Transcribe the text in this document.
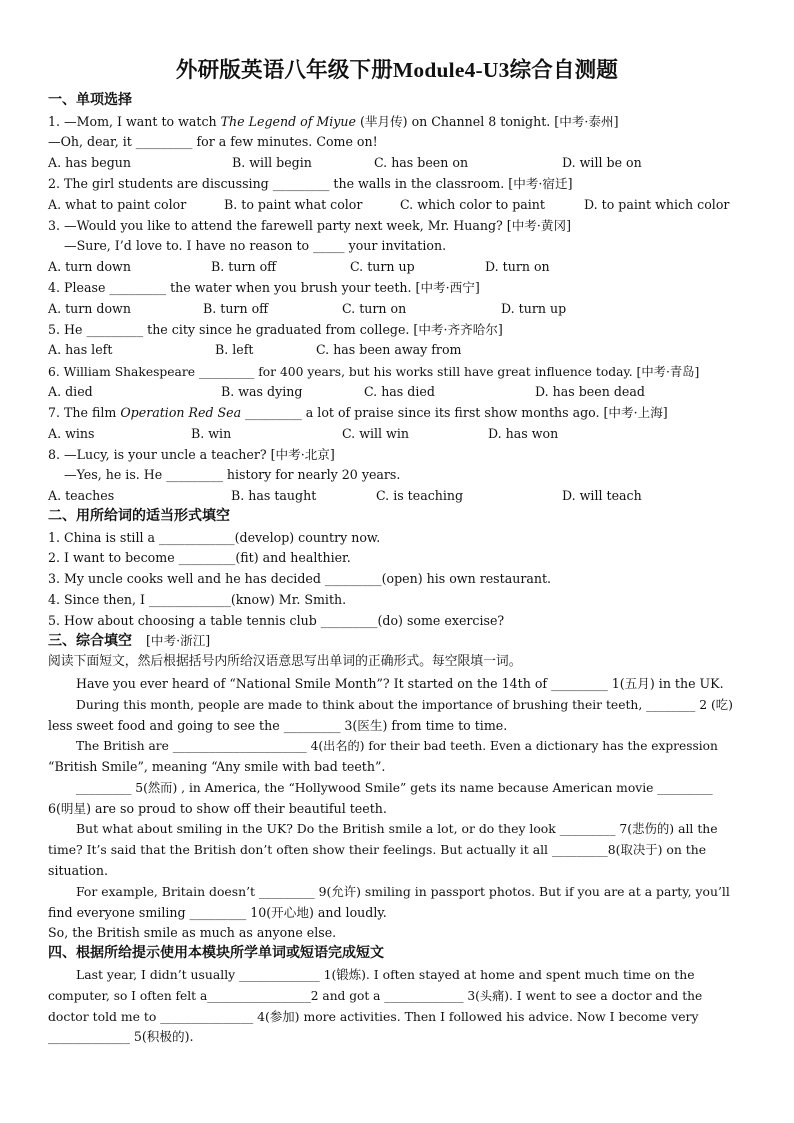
外研版英语八年级下册Module4-U3综合自测题
一、单项选择
1. —Mom, I want to watch The Legend of Miyue (芈月传) on Channel 8 tonight. [中考·泰州]
—Oh, dear, it _________ for a few minutes. Come on!
A. has begun	B. will begin	C. has been on	D. will be on
2. The girl students are discussing _________ the walls in the classroom. [中考·宿迁]
A. what to paint color	B. to paint what color	C. which color to paint	D. to paint which color
3. —Would you like to attend the farewell party next week, Mr. Huang? [中考·黄冈]
—Sure, I’d love to. I have no reason to _____ your invitation.
A. turn down	B. turn off	C. turn up	D. turn on
4. Please _________ the water when you brush your teeth. [中考·西宁]
A. turn down	B. turn off	C. turn on	D. turn up
5. He _________ the city since he graduated from college. [中考·齐齐哈尔]
A. has left	B. left	C. has been away from
6. William Shakespeare _________ for 400 years, but his works still have great influence today. [中考·青岛]
A. died	B. was dying	C. has died	D. has been dead
7. The film Operation Red Sea _________ a lot of praise since its first show months ago. [中考·上海]
A. wins	B. win	C. will win	D. has won
8. —Lucy, is your uncle a teacher? [中考·北京]
—Yes, he is. He _________ history for nearly 20 years.
A. teaches	B. has taught	C. is teaching	D. will teach
二、用所给词的适当形式填空
1. China is still a ____________(develop) country now.
2. I want to become _________(fit) and healthier.
3. My uncle cooks well and he has decided _________(open) his own restaurant.
4. Since then, I _____________(know) Mr. Smith.
5. How about choosing a table tennis club _________(do) some exercise?
三、综合填空 [中考·浙江]
阅读下面短文，然后根据括号内所给汉语意思写出单词的正确形式。每空限填一词。
Have you ever heard of “National Smile Month”? It started on the 14th of _________ 1(五月) in the UK.
During this month, people are made to think about the importance of brushing their teeth, ________ 2 (吃)
less sweet food and going to see the _________ 3(医生) from time to time.
The British are ______________________ 4(出名的) for their bad teeth. Even a dictionary has the expression
“British Smile”, meaning “Any smile with bad teeth”.
_________ 5(然而) , in America, the “Hollywood Smile” gets its name because American movie _________
6(明星) are so proud to show off their beautiful teeth.
But what about smiling in the UK? Do the British smile a lot, or do they look _________ 7(悲伤的) all the
time? It’s said that the British don’t often show their feelings. But actually it all _________8(取决于) on the
situation.
For example, Britain doesn’t _________ 9(允许) smiling in passport photos. But if you are at a party, you’ll
find everyone smiling _________ 10(开心地) and loudly.
So, the British smile as much as anyone else.
四、根据所给提示使用本模块所学单词或短语完成短文
Last year, I didn’t usually _____________ 1(锻炼). I often stayed at home and spent much time on the
computer, so I often felt a_________________2 and got a _____________ 3(头痛). I went to see a doctor and the
doctor told me to _______________ 4(参加) more activities. Then I followed his advice. Now I become very
_____________ 5(积极的).
